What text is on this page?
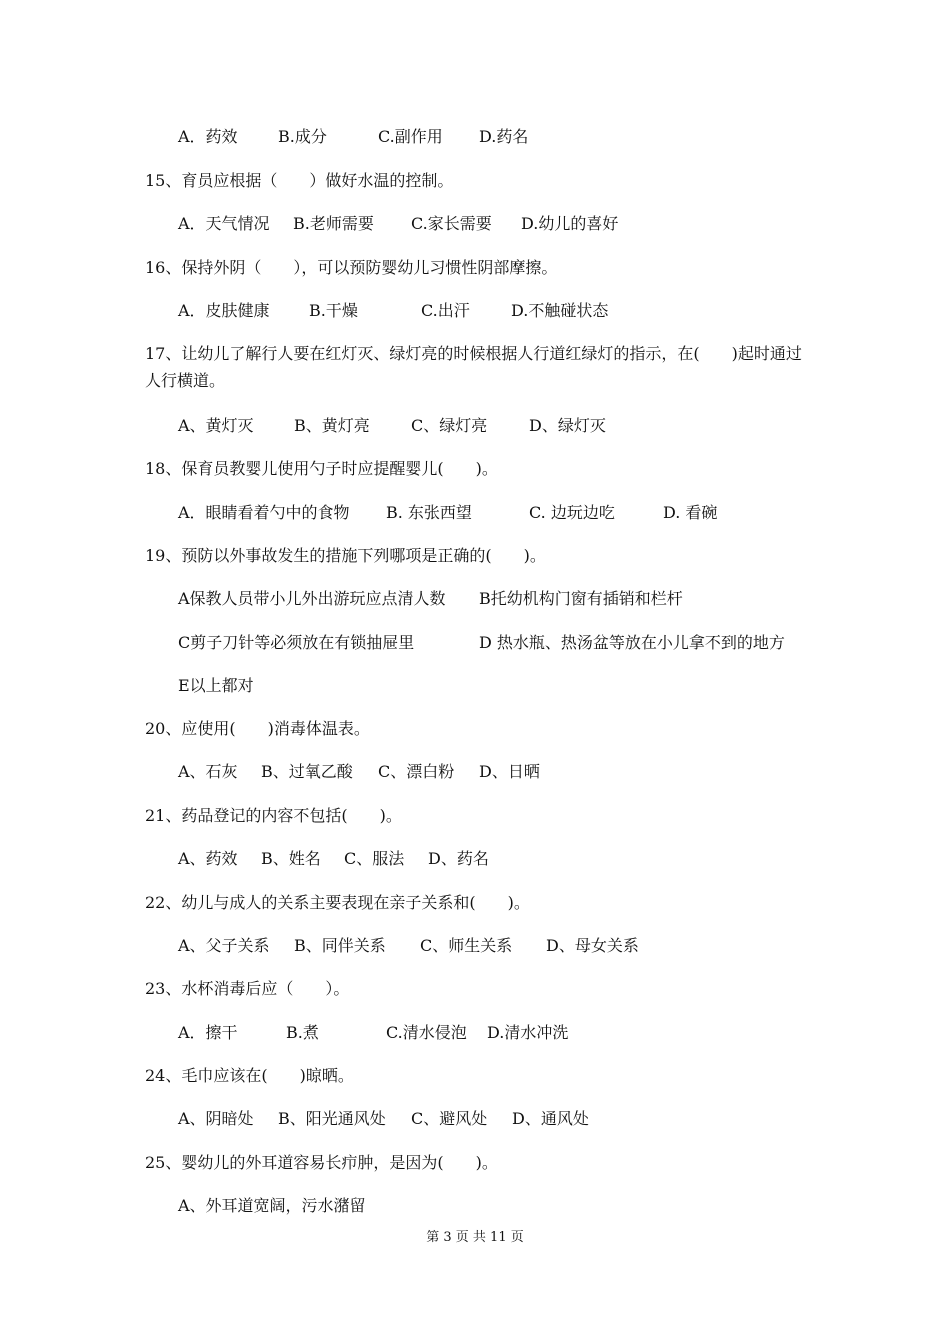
A．药效	B.成分	C.副作用 D.药名
15、育员应根据（　　）做好水温的控制。
A．天气情况 B.老师需要 C.家长需要 D.幼儿的喜好
16、保持外阴（　　），可以预防婴幼儿习惯性阴部摩擦。
A．皮肤健康 B.干燥	C.出汗	D.不触碰状态
17、让幼儿了解行人要在红灯灭、绿灯亮的时候根据人行道红绿灯的指示，在(　　)起时通过人行横道。
A、黄灯灭	B、黄灯亮	C、绿灯亮	D、绿灯灭
18、保育员教婴儿使用勺子时应提醒婴儿(　　)。
A．眼睛看着勺中的食物 B. 东张西望	C. 边玩边吃	D. 看碗
19、预防以外事故发生的措施下列哪项是正确的(　　)。
A保教人员带小儿外出游玩应点清人数 B托幼机构门窗有插销和栏杆
C剪子刀针等必须放在有锁抽屉里	D 热水瓶、热汤盆等放在小儿拿不到的地方
E以上都对
20、应使用(　　)消毒体温表。
A、石灰 B、过氧乙酸 C、漂白粉 D、日晒
21、药品登记的内容不包括(　　)。
A、药效 B、姓名 C、服法 D、药名
22、幼儿与成人的关系主要表现在亲子关系和(　　)。
A、父子关系 B、同伴关系 C、师生关系 D、母女关系
23、水杯消毒后应（　　）。
A．擦干	B.煮	C.清水侵泡 D.清水冲洗
24、毛巾应该在(　　)晾晒。
A、阴暗处 B、阳光通风处 C、避风处 D、通风处
25、婴幼儿的外耳道容易长疖肿，是因为(　　)。
A、外耳道宽阔，污水潴留
第 3 页 共 11 页
